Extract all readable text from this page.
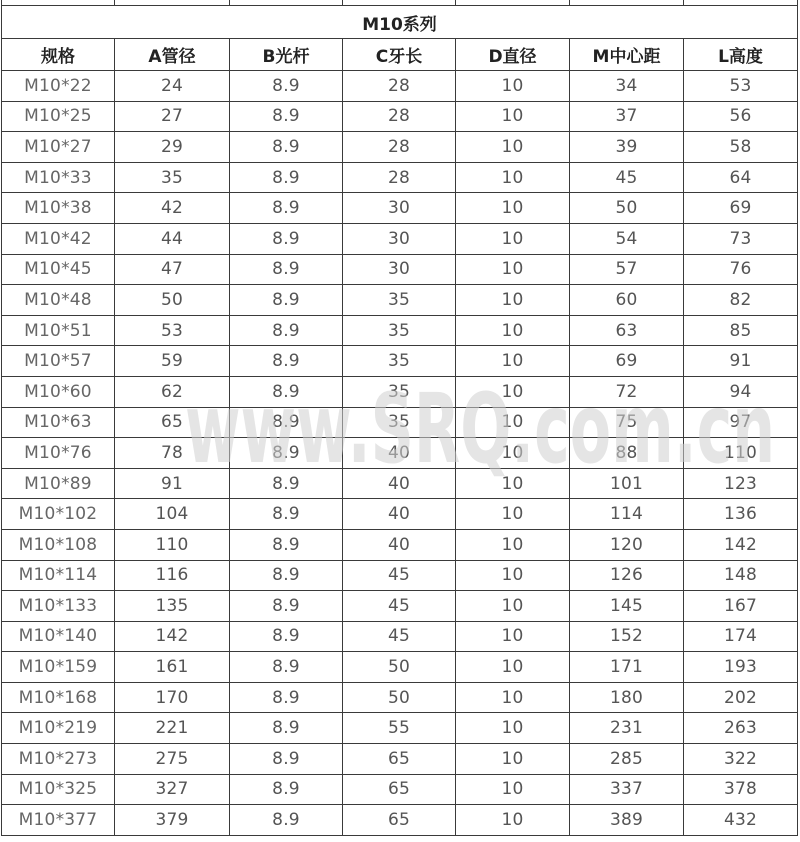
M10系列						
规格	A管径	B光杆	C牙长	D直径	M中心距	L高度
M10*22	24	8.9	28	10	34	53
M10*25	27	8.9	28	10	37	56
M10*27	29	8.9	28	10	39	58
M10*33	35	8.9	28	10	45	64
M10*38	42	8.9	30	10	50	69
M10*42	44	8.9	30	10	54	73
M10*45	47	8.9	30	10	57	76
M10*48	50	8.9	35	10	60	82
M10*51	53	8.9	35	10	63	85
M10*57	59	8.9	35	10	69	91
M10*60	62	8.9	35	10	72	94
M10*63	65	8.9	35	10	75	97
M10*76	78	8.9	40	10	88	110
M10*89	91	8.9	40	10	101	123
M10*102	104	8.9	40	10	114	136
M10*108	110	8.9	40	10	120	142
M10*114	116	8.9	45	10	126	148
M10*133	135	8.9	45	10	145	167
M10*140	142	8.9	45	10	152	174
M10*159	161	8.9	50	10	171	193
M10*168	170	8.9	50	10	180	202
M10*219	221	8.9	55	10	231	263
M10*273	275	8.9	65	10	285	322
M10*325	327	8.9	65	10	337	378
M10*377	379	8.9	65	10	389	432
www.SRQ.com.cn
